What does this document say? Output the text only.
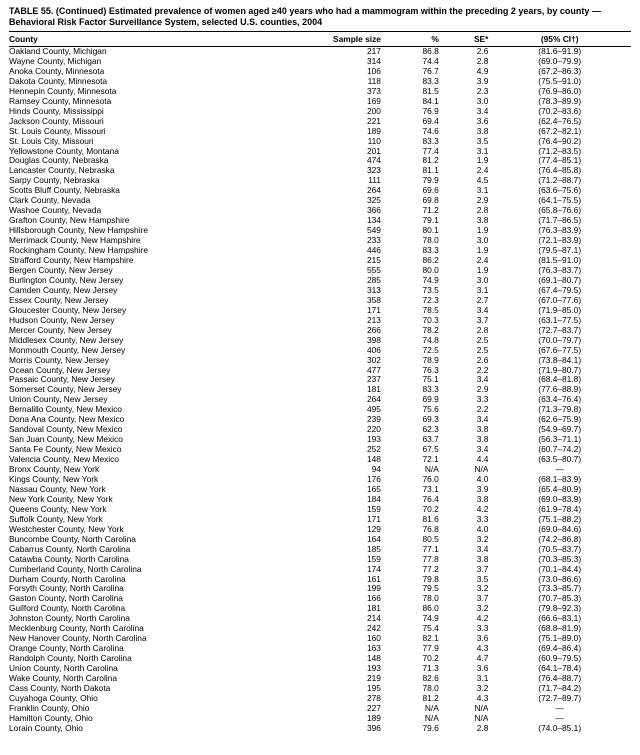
TABLE 55. (Continued) Estimated prevalence of women aged ≥40 years who had a mammogram within the preceding 2 years, by county — Behavioral Risk Factor Surveillance System, selected U.S. counties, 2004
County	Sample size	%	SE*	(95% CI†)
Oakland County, Michigan	217	86.8	2.6	(81.6–91.9)
Wayne County, Michigan	314	74.4	2.8	(69.0–79.9)
Anoka County, Minnesota	106	76.7	4.9	(67.2–86.3)
Dakota County, Minnesota	118	83.3	3.9	(75.5–91.0)
Hennepin County, Minnesota	373	81.5	2.3	(76.9–86.0)
Ramsey County, Minnesota	169	84.1	3.0	(78.3–89.9)
Hinds County, Mississippi	200	76.9	3.4	(70.2–83.6)
Jackson County, Missouri	221	69.4	3.6	(62.4–76.5)
St. Louis County, Missouri	189	74.6	3.8	(67.2–82.1)
St. Louis City, Missouri	110	83.3	3.5	(76.4–90.2)
Yellowstone County, Montana	201	77.4	3.1	(71.2–83.5)
Douglas County, Nebraska	474	81.2	1.9	(77.4–85.1)
Lancaster County, Nebraska	323	81.1	2.4	(76.4–85.8)
Sarpy County, Nebraska	111	79.9	4.5	(71.2–88.7)
Scotts Bluff County, Nebraska	264	69.6	3.1	(63.6–75.6)
Clark County, Nevada	325	69.8	2.9	(64.1–75.5)
Washoe County, Nevada	366	71.2	2.8	(65.8–76.6)
Grafton County, New Hampshire	134	79.1	3.8	(71.7–86.5)
Hillsborough County, New Hampshire	549	80.1	1.9	(76.3–83.9)
Merrimack County, New Hampshire	233	78.0	3.0	(72.1–83.9)
Rockingham County, New Hampshire	446	83.3	1.9	(79.5–87.1)
Strafford County, New Hampshire	215	86.2	2.4	(81.5–91.0)
Bergen County, New Jersey	555	80.0	1.9	(76.3–83.7)
Burlington County, New Jersey	285	74.9	3.0	(69.1–80.7)
Camden County, New Jersey	313	73.5	3.1	(67.4–79.5)
Essex County, New Jersey	358	72.3	2.7	(67.0–77.6)
Gloucester County, New Jersey	171	78.5	3.4	(71.9–85.0)
Hudson County, New Jersey	213	70.3	3.7	(63.1–77.5)
Mercer County, New Jersey	266	78.2	2.8	(72.7–83.7)
Middlesex County, New Jersey	398	74.8	2.5	(70.0–79.7)
Monmouth County, New Jersey	406	72.5	2.5	(67.6–77.5)
Morris County, New Jersey	302	78.9	2.6	(73.8–84.1)
Ocean County, New Jersey	477	76.3	2.2	(71.9–80.7)
Passaic County, New Jersey	237	75.1	3.4	(68.4–81.8)
Somerset County, New Jersey	181	83.3	2.9	(77.6–88.9)
Union County, New Jersey	264	69.9	3.3	(63.4–76.4)
Bernalillo County, New Mexico	495	75.6	2.2	(71.3–79.8)
Dona Ana County, New Mexico	239	69.3	3.4	(62.6–75.9)
Sandoval County, New Mexico	220	62.3	3.8	(54.9–69.7)
San Juan County, New Mexico	193	63.7	3.8	(56.3–71.1)
Santa Fe County, New Mexico	252	67.5	3.4	(60.7–74.2)
Valencia County, New Mexico	148	72.1	4.4	(63.5–80.7)
Bronx County, New York	94	N/A	N/A	—
Kings County, New York	176	76.0	4.0	(68.1–83.9)
Nassau County, New York	165	73.1	3.9	(65.4–80.9)
New York County, New York	184	76.4	3.8	(69.0–83.9)
Queens County, New York	159	70.2	4.2	(61.9–78.4)
Suffolk County, New York	171	81.6	3.3	(75.1–88.2)
Westchester County, New York	129	76.8	4.0	(69.0–84.6)
Buncombe County, North Carolina	164	80.5	3.2	(74.2–86.8)
Cabarrus County, North Carolina	185	77.1	3.4	(70.5–83.7)
Catawba County, North Carolina	159	77.8	3.8	(70.3–85.3)
Cumberland County, North Carolina	174	77.2	3.7	(70.1–84.4)
Durham County, North Carolina	161	79.8	3.5	(73.0–86.6)
Forsyth County, North Carolina	199	79.5	3.2	(73.3–85.7)
Gaston County, North Carolina	166	78.0	3.7	(70.7–85.3)
Guilford County, North Carolina	181	86.0	3.2	(79.8–92.3)
Johnston County, North Carolina	214	74.9	4.2	(66.6–83.1)
Mecklenburg County, North Carolina	242	75.4	3.3	(68.8–81.9)
New Hanover County, North Carolina	160	82.1	3.6	(75.1–89.0)
Orange County, North Carolina	163	77.9	4.3	(69.4–86.4)
Randolph County, North Carolina	148	70.2	4.7	(60.9–79.5)
Union County, North Carolina	193	71.3	3.6	(64.1–78.4)
Wake County, North Carolina	219	82.6	3.1	(76.4–88.7)
Cass County, North Dakota	195	78.0	3.2	(71.7–84.2)
Cuyahoga County, Ohio	278	81.2	4.3	(72.7–89.7)
Franklin County, Ohio	227	N/A	N/A	—
Hamilton County, Ohio	189	N/A	N/A	—
Lorain County, Ohio	396	79.6	2.8	(74.0–85.1)
